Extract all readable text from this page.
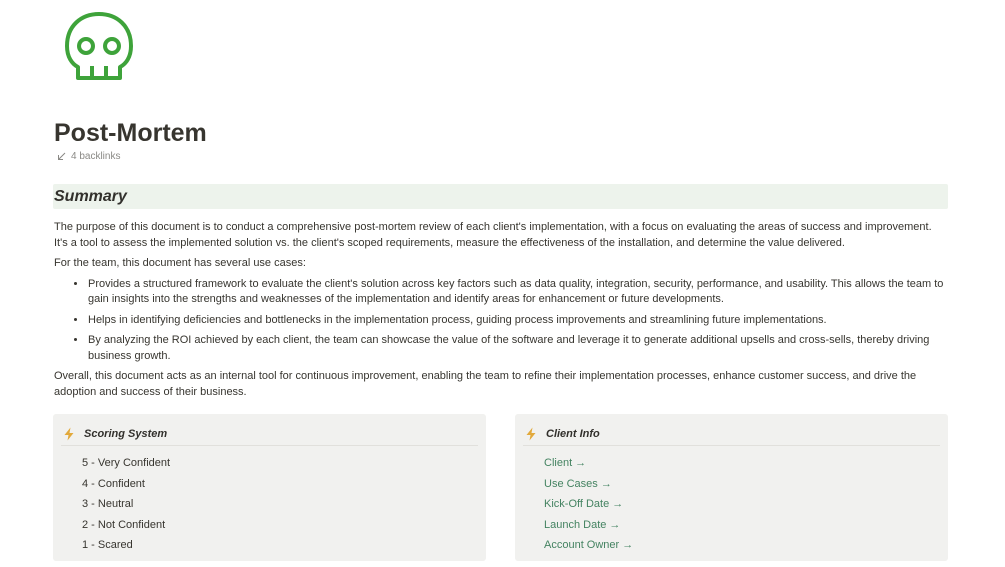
Post-Mortem
4 backlinks
Summary

The purpose of this document is to conduct a comprehensive post-mortem review of each client's implementation, with a focus on evaluating the areas of success and improvement. It's a tool to assess the implemented solution vs. the client's scoped requirements, measure the effectiveness of the installation, and determine the value delivered.

For the team, this document has several use cases:

• Provides a structured framework to evaluate the client's solution across key factors such as data quality, integration, security, performance, and usability. This allows the team to gain insights into the strengths and weaknesses of the implementation and identify areas for enhancement or future developments.
• Helps in identifying deficiencies and bottlenecks in the implementation process, guiding process improvements and streamlining future implementations.
• By analyzing the ROI achieved by each client, the team can showcase the value of the software and leverage it to generate additional upsells and cross-sells, thereby driving business growth.

Overall, this document acts as an internal tool for continuous improvement, enabling the team to refine their implementation processes, enhance customer success, and drive the adoption and success of their business.

Scoring System
5 - Very Confident
4 - Confident
3 - Neutral
2 - Not Confident
1 - Scared
Client Info
Client →
Use Cases →
Kick-Off Date →
Launch Date →
Account Owner →
